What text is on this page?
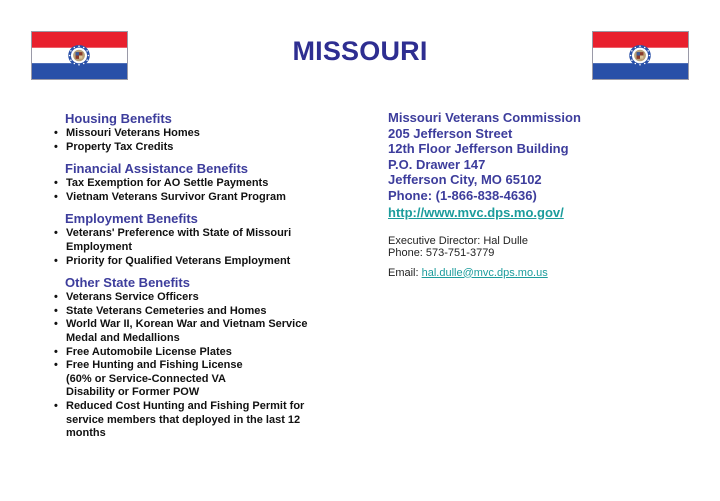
MISSOURI
Housing Benefits
• Missouri Veterans Homes
• Property Tax Credits
Financial Assistance Benefits
• Tax Exemption for AO Settle Payments
• Vietnam Veterans Survivor Grant Program
Employment Benefits
• Veterans' Preference with State of Missouri Employment
• Priority for Qualified Veterans Employment
Other State Benefits
• Veterans Service Officers
• State Veterans Cemeteries and Homes
• World War II, Korean War and Vietnam Service Medal and Medallions
• Free Automobile License Plates
• Free Hunting and Fishing License (60% or Service-Connected VA Disability or Former POW
• Reduced Cost Hunting and Fishing Permit for service members that deployed in the last 12 months
Missouri Veterans Commission
205 Jefferson Street
12th Floor Jefferson Building
P.O. Drawer 147
Jefferson City, MO 65102
Phone: (1-866-838-4636)
http://www.mvc.dps.mo.gov/
Executive Director: Hal Dulle
Phone: 573-751-3779
Email: hal.dulle@mvc.dps.mo.us
